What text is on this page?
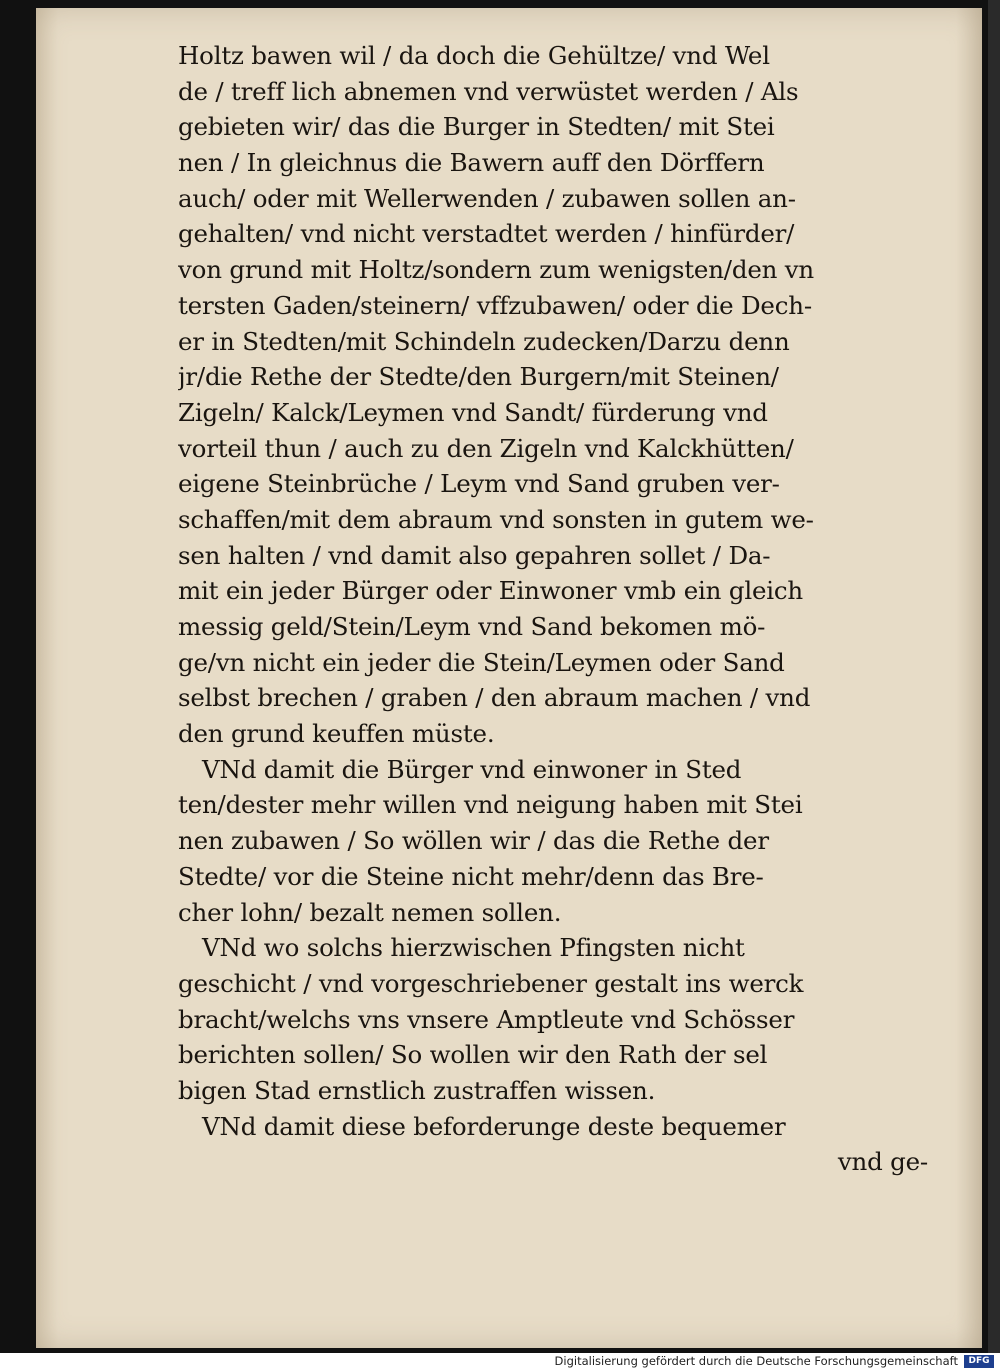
Holtz bawen wil / da doch die Gehültze/ vnd Wel
de / treff lich abnemen vnd verwüstet werden / Als
gebieten wir/ das die Burger in Stedten/ mit Stei
nen / In gleichnus die Bawern auff den Dörffern
auch/ oder mit Wellerwenden / zubawen sollen an-
gehalten/ vnd nicht verstadtet werden / hinfürder/
von grund mit Holtz/sondern zum wenigsten/den vn
tersten Gaden/steinern/ vffzubawen/ oder die Dech-
er in Stedten/mit Schindeln zudecken/Darzu denn
jr/die Rethe der Stedte/den Burgern/mit Steinen/
Zigeln/ Kalck/Leymen vnd Sandt/ fürderung vnd
vorteil thun / auch zu den Zigeln vnd Kalckhütten/
eigene Steinbrüche / Leym vnd Sand gruben ver-
schaffen/mit dem abraum vnd sonsten in gutem we-
sen halten / vnd damit also gepahren sollet / Da-
mit ein jeder Bürger oder Einwoner vmb ein gleich
messig geld/Stein/Leym vnd Sand bekomen mö-
ge/vn nicht ein jeder die Stein/Leymen oder Sand
selbst brechen / graben / den abraum machen / vnd
den grund keuffen müste.
VNd damit die Bürger vnd einwoner in Sted
ten/dester mehr willen vnd neigung haben mit Stei
nen zubawen / So wöllen wir / das die Rethe der
Stedte/ vor die Steine nicht mehr/denn das Bre-
cher lohn/ bezalt nemen sollen.
VNd wo solchs hierzwischen Pfingsten nicht
geschicht / vnd vorgeschriebener gestalt ins werck
bracht/welchs vns vnsere Amptleute vnd Schösser
berichten sollen/ So wollen wir den Rath der sel
bigen Stad ernstlich zustraffen wissen.
VNd damit diese beforderunge deste bequemer
vnd ge-
Digitalisierung gefördert durch die Deutsche Forschungsgemeinschaft	DFG
